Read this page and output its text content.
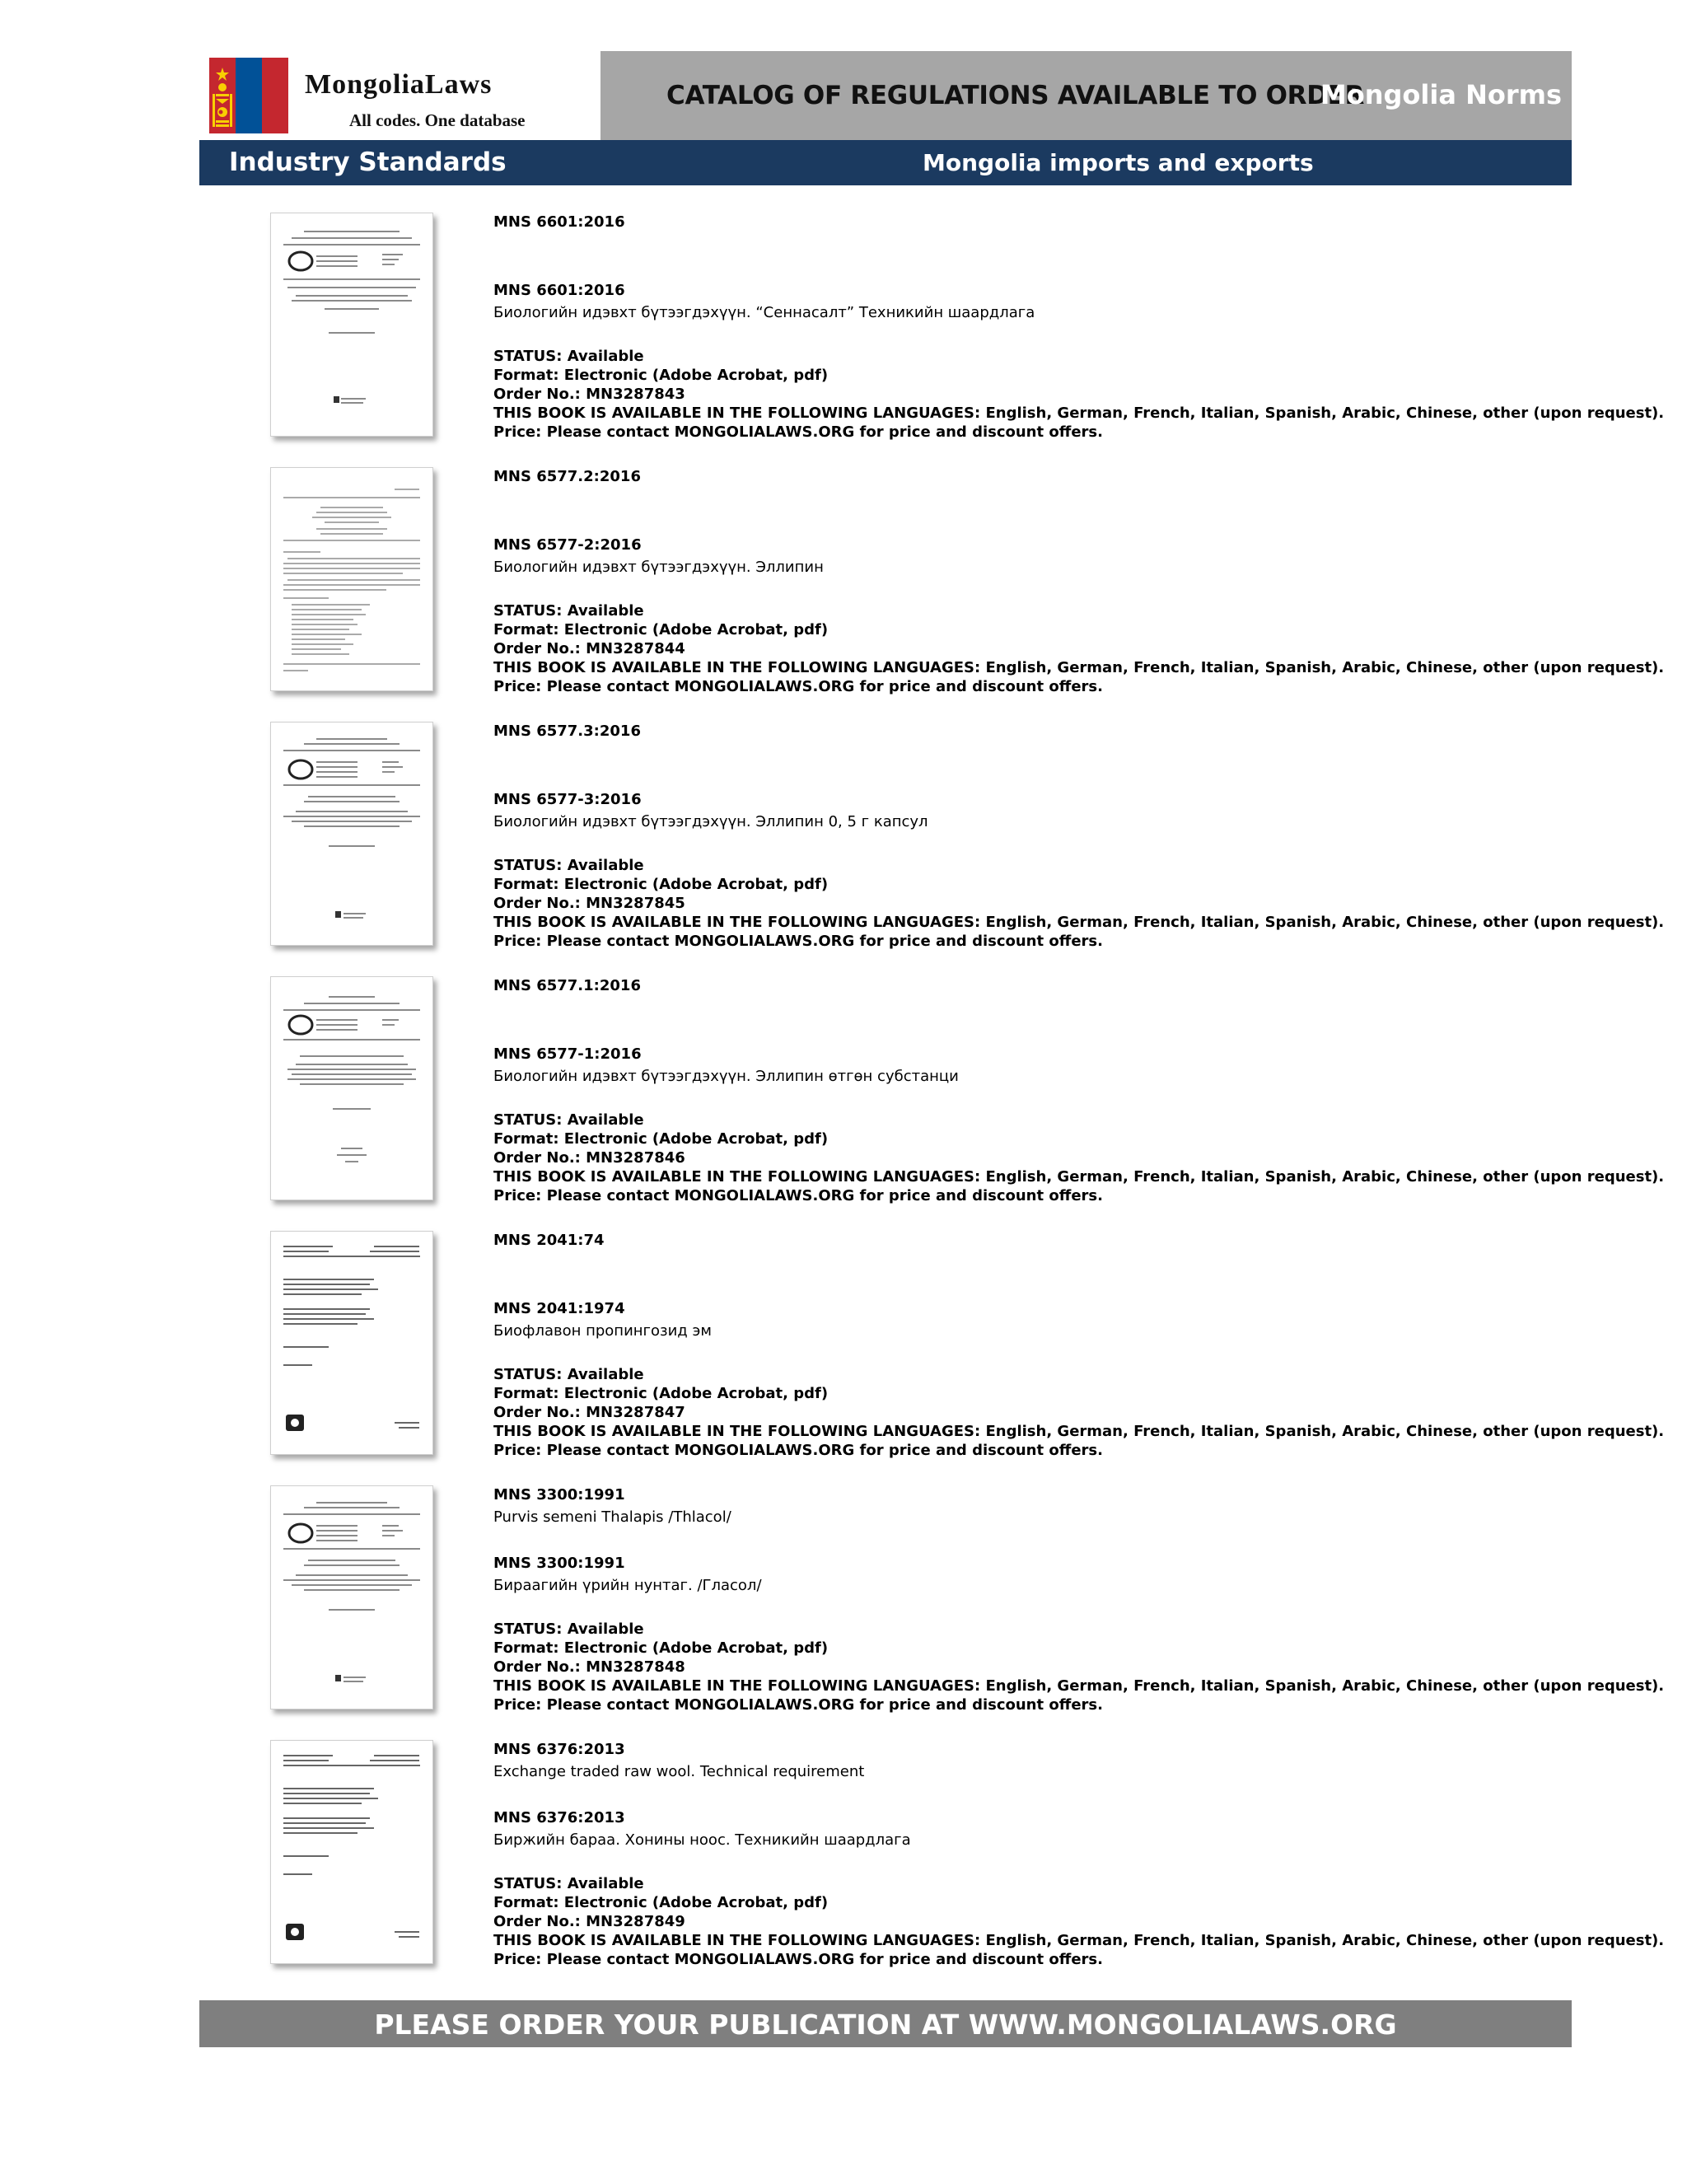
MongoliaLaws
All codes. One database
CATALOG OF REGULATIONS AVAILABLE TO ORDER
Mongolia Norms
Industry Standards	Mongolia imports and exports
MNS 6601:2016
MNS 6601:2016
Биологийн идэвхт бүтээгдэхүүн. “Сеннасалт” Техникийн шаардлага
STATUS: Available
Format: Electronic (Adobe Acrobat, pdf)
Order No.: MN3287843
THIS BOOK IS AVAILABLE IN THE FOLLOWING LANGUAGES: English, German, French, Italian, Spanish, Arabic, Chinese, other (upon request).
Price: Please contact MONGOLIALAWS.ORG for price and discount offers.
MNS 6577.2:2016
MNS 6577-2:2016
Биологийн идэвхт бүтээгдэхүүн. Эллипин
STATUS: Available
Format: Electronic (Adobe Acrobat, pdf)
Order No.: MN3287844
THIS BOOK IS AVAILABLE IN THE FOLLOWING LANGUAGES: English, German, French, Italian, Spanish, Arabic, Chinese, other (upon request).
Price: Please contact MONGOLIALAWS.ORG for price and discount offers.
MNS 6577.3:2016
MNS 6577-3:2016
Биологийн идэвхт бүтээгдэхүүн. Эллипин 0, 5 г капсул
STATUS: Available
Format: Electronic (Adobe Acrobat, pdf)
Order No.: MN3287845
THIS BOOK IS AVAILABLE IN THE FOLLOWING LANGUAGES: English, German, French, Italian, Spanish, Arabic, Chinese, other (upon request).
Price: Please contact MONGOLIALAWS.ORG for price and discount offers.
MNS 6577.1:2016
MNS 6577-1:2016
Биологийн идэвхт бүтээгдэхүүн. Эллипин өтгөн субстанци
STATUS: Available
Format: Electronic (Adobe Acrobat, pdf)
Order No.: MN3287846
THIS BOOK IS AVAILABLE IN THE FOLLOWING LANGUAGES: English, German, French, Italian, Spanish, Arabic, Chinese, other (upon request).
Price: Please contact MONGOLIALAWS.ORG for price and discount offers.
MNS 2041:74
MNS 2041:1974
Биофлавон пропингозид эм
STATUS: Available
Format: Electronic (Adobe Acrobat, pdf)
Order No.: MN3287847
THIS BOOK IS AVAILABLE IN THE FOLLOWING LANGUAGES: English, German, French, Italian, Spanish, Arabic, Chinese, other (upon request).
Price: Please contact MONGOLIALAWS.ORG for price and discount offers.
MNS 3300:1991
Purvis semeni Thalapis /Thlacol/
MNS 3300:1991
Бираагийн үрийн нунтаг. /Гласол/
STATUS: Available
Format: Electronic (Adobe Acrobat, pdf)
Order No.: MN3287848
THIS BOOK IS AVAILABLE IN THE FOLLOWING LANGUAGES: English, German, French, Italian, Spanish, Arabic, Chinese, other (upon request).
Price: Please contact MONGOLIALAWS.ORG for price and discount offers.
MNS 6376:2013
Exchange traded raw wool. Technical requirement
MNS 6376:2013
Биржийн бараа. Хонины ноос. Техникийн шаардлага
STATUS: Available
Format: Electronic (Adobe Acrobat, pdf)
Order No.: MN3287849
THIS BOOK IS AVAILABLE IN THE FOLLOWING LANGUAGES: English, German, French, Italian, Spanish, Arabic, Chinese, other (upon request).
Price: Please contact MONGOLIALAWS.ORG for price and discount offers.
PLEASE ORDER YOUR PUBLICATION AT WWW.MONGOLIALAWS.ORG
